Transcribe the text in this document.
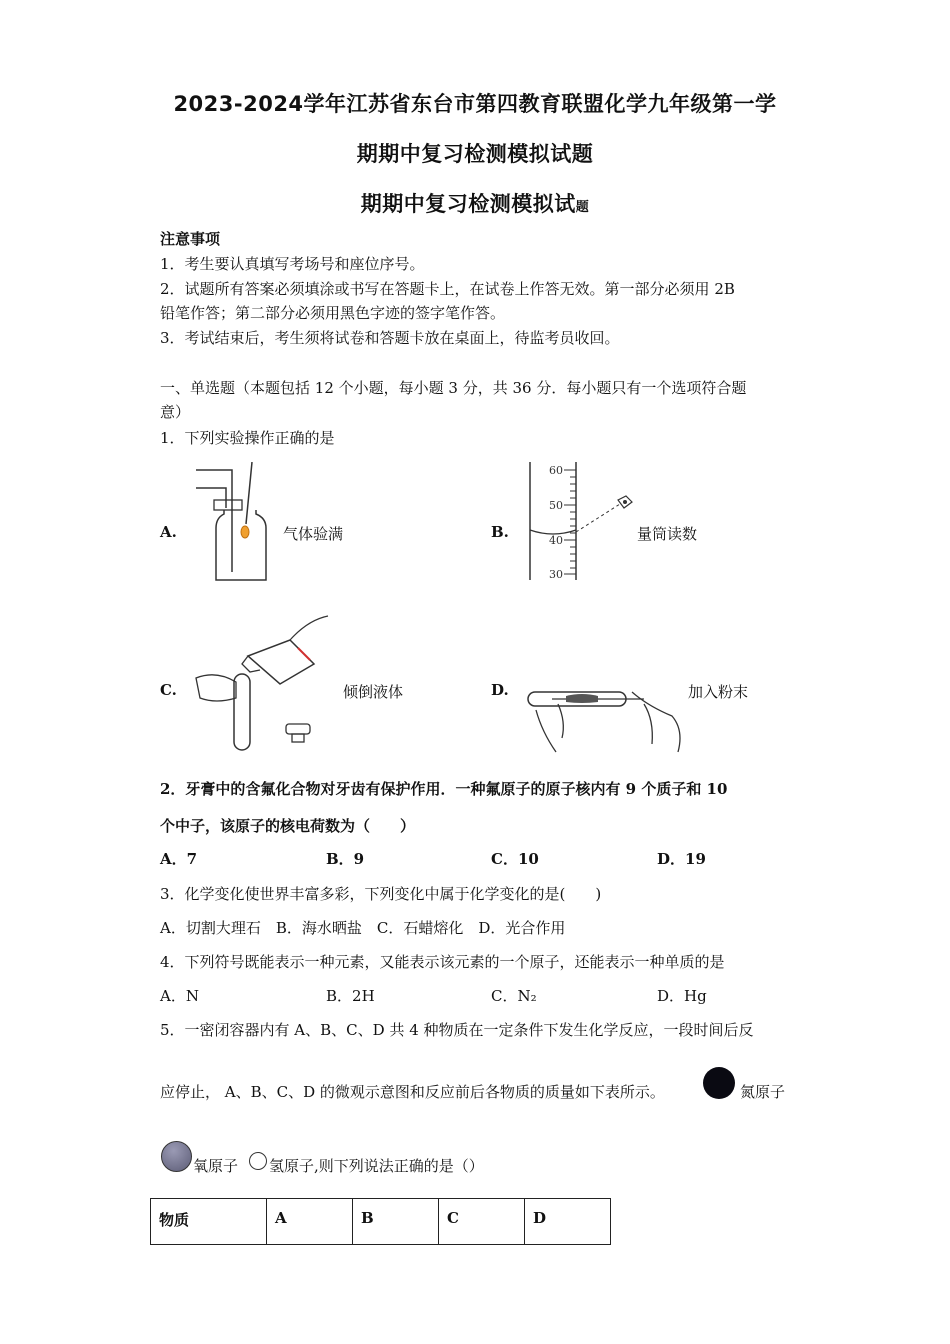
2023-2024学年江苏省东台市第四教育联盟化学九年级第一学
期期中复习检测模拟试题
期期中复习检测模拟试题
注意事项
1．考生要认真填写考场号和座位序号。
2．试题所有答案必须填涂或书写在答题卡上，在试卷上作答无效。第一部分必须用 2B
铅笔作答；第二部分必须用黑色字迹的签字笔作答。
3．考试结束后，考生须将试卷和答题卡放在桌面上，待监考员收回。
一、单选题（本题包括 12 个小题，每小题 3 分，共 36 分．每小题只有一个选项符合题
意）
1．下列实验操作正确的是
A.	气体验满	B.
60
50
40
30
量筒读数
C.	倾倒液体	D.	加入粉末
2．牙膏中的含氟化合物对牙齿有保护作用．一种氟原子的原子核内有 9 个质子和 10
个中子，该原子的核电荷数为（　　）
A．7	B．9	C．10	D．19
3．化学变化使世界丰富多彩，下列变化中属于化学变化的是(　　)
A．切割大理石　B．海水晒盐　C．石蜡熔化　D．光合作用
4．下列符号既能表示一种元素，又能表示该元素的一个原子，还能表示一种单质的是
A．N	B．2H	C．N₂	D．Hg
5．一密闭容器内有 A、B、C、D 共 4 种物质在一定条件下发生化学反应，一段时间后反
应停止， A、B、C、D 的微观示意图和反应前后各物质的质量如下表所示。	氮原子
氧原子 氢原子,则下列说法正确的是（）
物质	A	B	C	D
